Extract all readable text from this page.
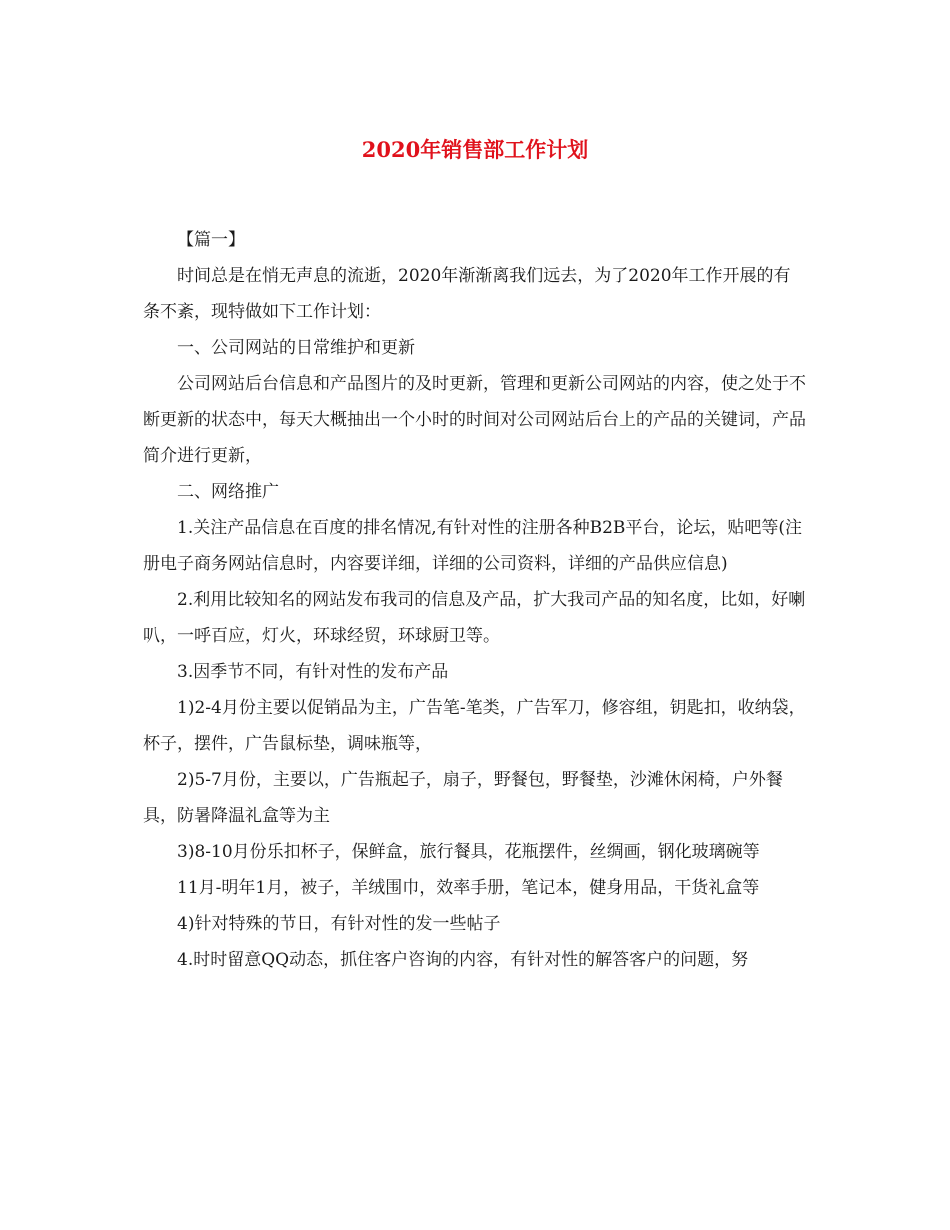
2020年销售部工作计划

【篇一】

时间总是在悄无声息的流逝，2020年渐渐离我们远去，为了2020年工作开展的有条不紊，现特做如下工作计划：

一、公司网站的日常维护和更新

公司网站后台信息和产品图片的及时更新，管理和更新公司网站的内容，使之处于不断更新的状态中，每天大概抽出一个小时的时间对公司网站后台上的产品的关键词，产品简介进行更新，

二、网络推广

1.关注产品信息在百度的排名情况,有针对性的注册各种B2B平台，论坛，贴吧等(注册电子商务网站信息时，内容要详细，详细的公司资料，详细的产品供应信息)

2.利用比较知名的网站发布我司的信息及产品，扩大我司产品的知名度，比如，好喇叭，一呼百应，灯火，环球经贸，环球厨卫等。

3.因季节不同，有针对性的发布产品

1)2-4月份主要以促销品为主，广告笔-笔类，广告军刀，修容组，钥匙扣，收纳袋，杯子，摆件，广告鼠标垫，调味瓶等，

2)5-7月份，主要以，广告瓶起子，扇子，野餐包，野餐垫，沙滩休闲椅，户外餐具，防暑降温礼盒等为主

3)8-10月份乐扣杯子，保鲜盒，旅行餐具，花瓶摆件，丝绸画，钢化玻璃碗等

11月-明年1月，被子，羊绒围巾，效率手册，笔记本，健身用品，干货礼盒等

4)针对特殊的节日，有针对性的发一些帖子

4.时时留意QQ动态，抓住客户咨询的内容，有针对性的解答客户的问题，努
